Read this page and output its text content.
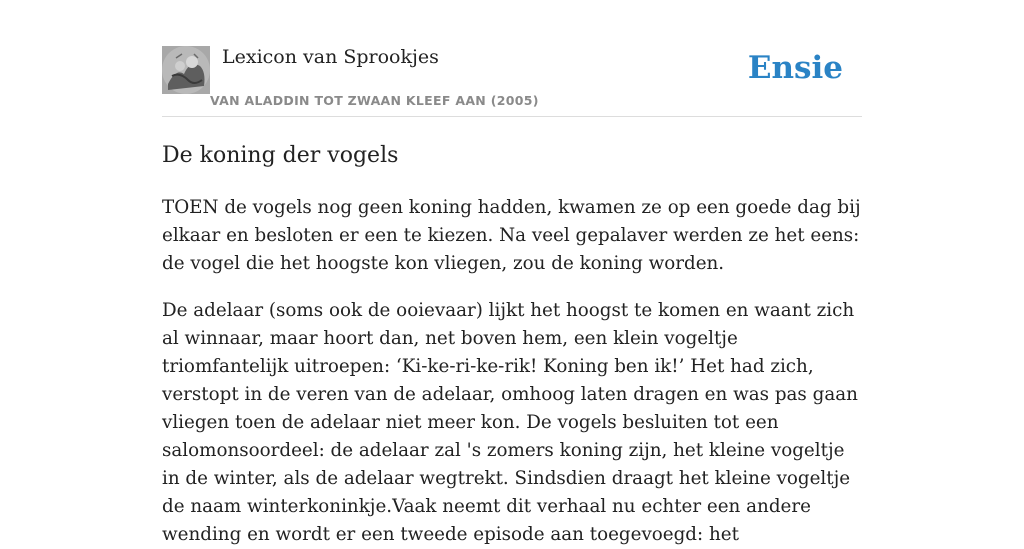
Lexicon van Sprookjes
VAN ALADDIN TOT ZWAAN KLEEF AAN (2005)
Ensie
De koning der vogels

TOEN de vogels nog geen koning hadden, kwamen ze op een goede dag bij elkaar en besloten er een te kiezen. Na veel gepalaver werden ze het eens: de vogel die het hoogste kon vliegen, zou de koning worden.

De adelaar (soms ook de ooievaar) lijkt het hoogst te komen en waant zich al winnaar, maar hoort dan, net boven hem, een klein vogeltje triomfantelijk uitroepen: ‘Ki-ke-ri-ke-rik! Koning ben ik!’ Het had zich, verstopt in de veren van de adelaar, omhoog laten dragen en was pas gaan vliegen toen de adelaar niet meer kon. De vogels besluiten tot een salomonsoordeel: de adelaar zal 's zomers koning zijn, het kleine vogeltje in de winter, als de adelaar wegtrekt. Sindsdien draagt het kleine vogeltje de naam winterkoninkje.Vaak neemt dit verhaal nu echter een andere wending en wordt er een tweede episode aan toegevoegd: het
